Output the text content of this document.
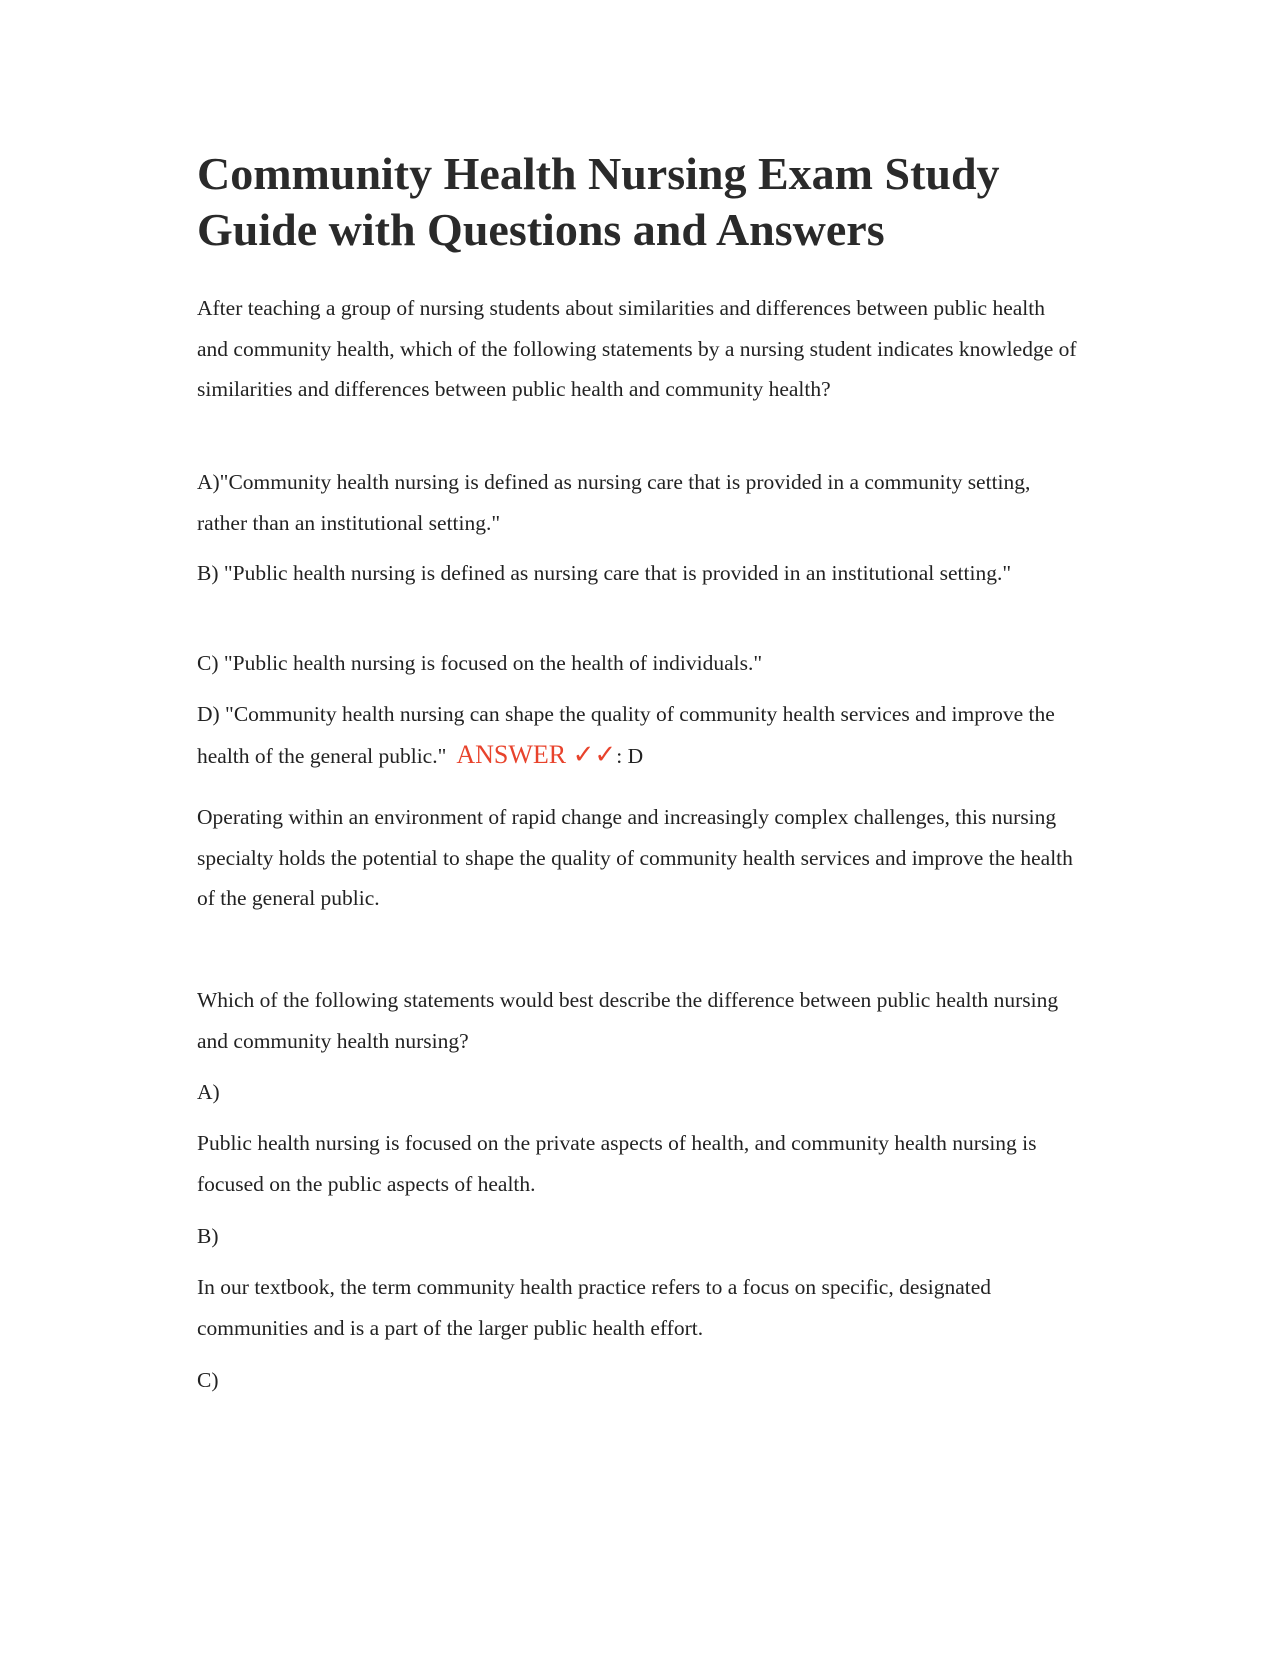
Community Health Nursing Exam Study Guide with Questions and Answers

After teaching a group of nursing students about similarities and differences between public health and community health, which of the following statements by a nursing student indicates knowledge of similarities and differences between public health and community health?

A)"Community health nursing is defined as nursing care that is provided in a community setting, rather than an institutional setting."

B) "Public health nursing is defined as nursing care that is provided in an institutional setting."

C) "Public health nursing is focused on the health of individuals."

D) "Community health nursing can shape the quality of community health services and improve the health of the general public." ANSWER ✓✓: D

Operating within an environment of rapid change and increasingly complex challenges, this nursing specialty holds the potential to shape the quality of community health services and improve the health of the general public.

Which of the following statements would best describe the difference between public health nursing and community health nursing?

A)

Public health nursing is focused on the private aspects of health, and community health nursing is focused on the public aspects of health.

B)

In our textbook, the term community health practice refers to a focus on specific, designated communities and is a part of the larger public health effort.

C)
